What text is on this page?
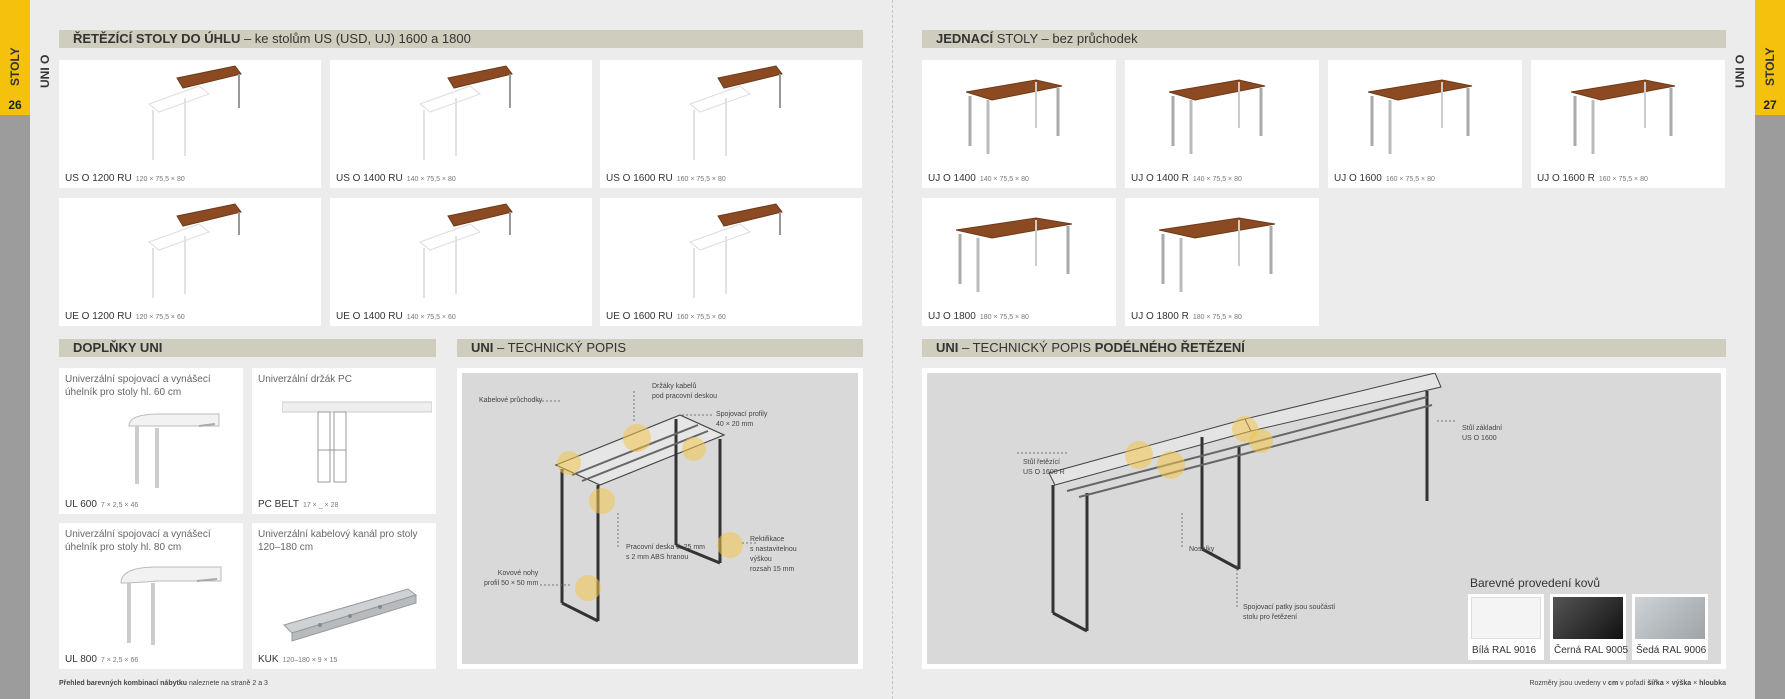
STOLY
26
UNI O	STOLY
27
UNI O
ŘETĚZÍCÍ STOLY DO ÚHLU – ke stolům US (USD, UJ) 1600 a 1800
US O 1200 RU 120 × 75,5 × 80	US O 1400 RU 140 × 75,5 × 80	US O 1600 RU 160 × 75,5 × 80
UE O 1200 RU 120 × 75,5 × 60	UE O 1400 RU 140 × 75,5 × 60	UE O 1600 RU 160 × 75,5 × 60
DOPLŇKY UNI
Univerzální spojovací a vynášecí úhelník pro stoly hl. 60 cm
UL 600 7 × 2,5 × 46
Univerzální držák PC
PC BELT 17 × _ × 28
Univerzální spojovací a vynášecí úhelník pro stoly hl. 80 cm
UL 800 7 × 2,5 × 66
Univerzální kabelový kanál pro stoly 120–180 cm
KUK 120–180 × 9 × 15
UNI – TECHNICKÝ POPIS
Kabelové průchodky
Držáky kabelů
pod pracovní deskou
Spojovací profily
40 × 20 mm
Pracovní deska tl. 25 mm
s 2 mm ABS hranou
Kovové nohy
profil 50 × 50 mm
Rektifikace
s nastavitelnou
výškou
rozsah 15 mm
JEDNACÍ STOLY – bez průchodek
UJ O 1400 140 × 75,5 × 80	UJ O 1400 R 140 × 75,5 × 80	UJ O 1600 160 × 75,5 × 80	UJ O 1600 R 160 × 75,5 × 80
UJ O 1800 180 × 75,5 × 80	UJ O 1800 R 180 × 75,5 × 80
UNI – TECHNICKÝ POPIS PODÉLNÉHO ŘETĚZENÍ
Stůl řetězící
US O 1600 R
Stůl základní
US O 1600
Nosníky
Spojovací patky jsou součástí
stolu pro řetězení
Barevné provedení kovů
Bílá RAL 9016 Černá RAL 9005 Šedá RAL 9006
Přehled barevných kombinací nábytku naleznete na straně 2 a 3	Rozměry jsou uvedeny v cm v pořadí šířka × výška × hloubka
